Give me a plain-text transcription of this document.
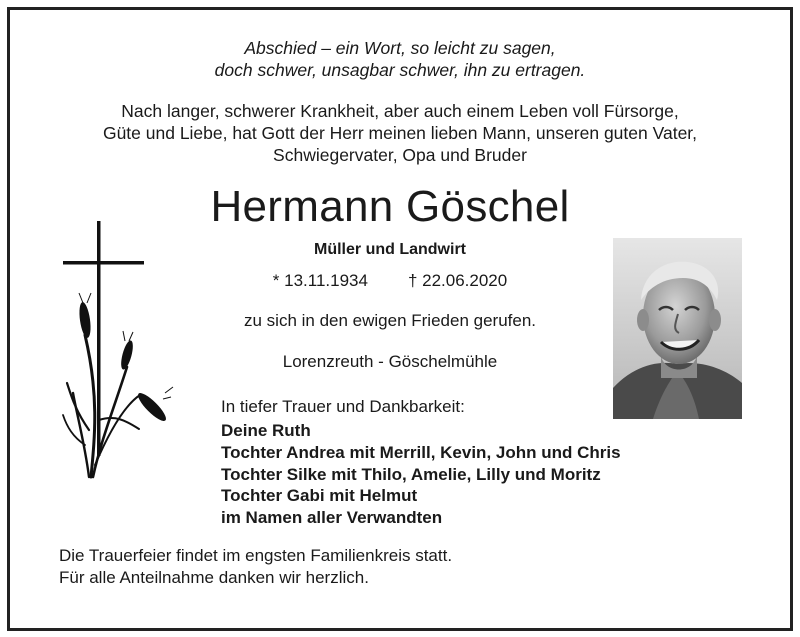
Abschied – ein Wort, so leicht zu sagen,
doch schwer, unsagbar schwer, ihn zu ertragen.
Nach langer, schwerer Krankheit, aber auch einem Leben voll Fürsorge,
Güte und Liebe, hat Gott der Herr meinen lieben Mann, unseren guten Vater,
Schwiegervater, Opa und Bruder
Hermann Göschel
Müller und Landwirt
* 13.11.1934 † 22.06.2020
zu sich in den ewigen Frieden gerufen.
Lorenzreuth - Göschelmühle
In tiefer Trauer und Dankbarkeit:
Deine Ruth
Tochter Andrea mit Merrill, Kevin, John und Chris
Tochter Silke mit Thilo, Amelie, Lilly und Moritz
Tochter Gabi mit Helmut
im Namen aller Verwandten
Die Trauerfeier findet im engsten Familienkreis statt.
Für alle Anteilnahme danken wir herzlich.
